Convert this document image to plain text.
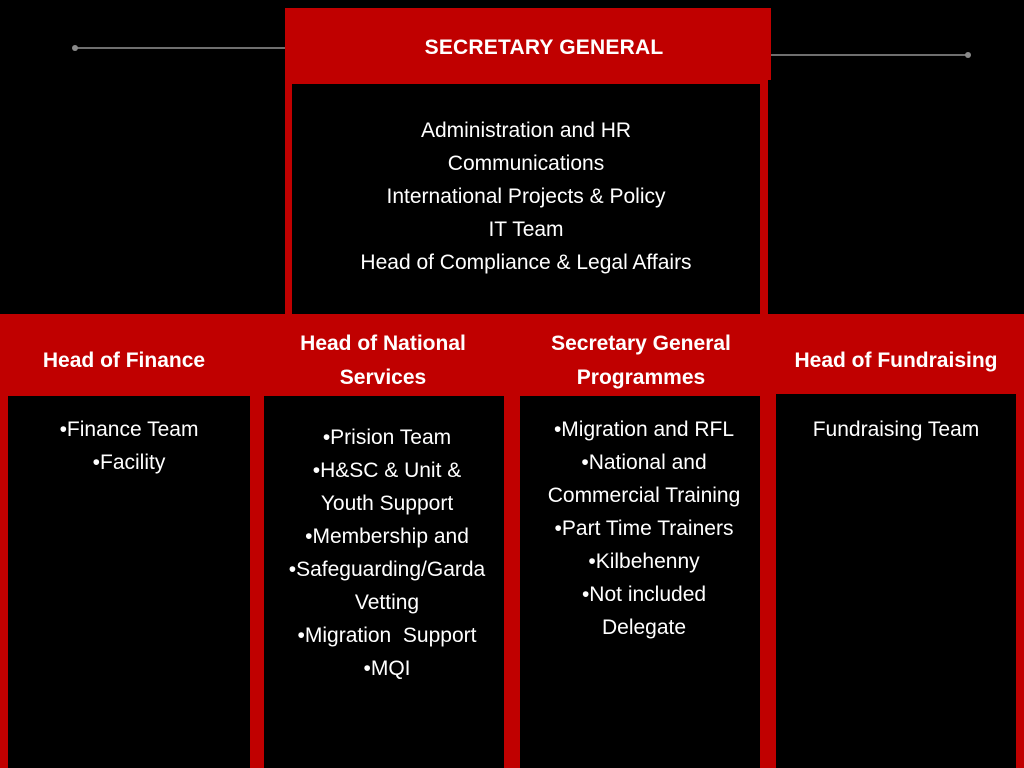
SECRETARY GENERAL
Administration and HR
Communications
International Projects & Policy
IT Team
Head of Compliance & Legal Affairs
Head of Finance
Head of National Services
Secretary General Programmes
Head of Fundraising
•Finance Team
•Facility
•Prision Team
•H&SC & Unit &
Youth Support
•Membership and
•Safeguarding/Garda
Vetting
•Migration  Support
•MQI
•Migration and RFL
•National and
Commercial Training
•Part Time Trainers
•Kilbehenny
•Not included
Delegate
Fundraising Team
